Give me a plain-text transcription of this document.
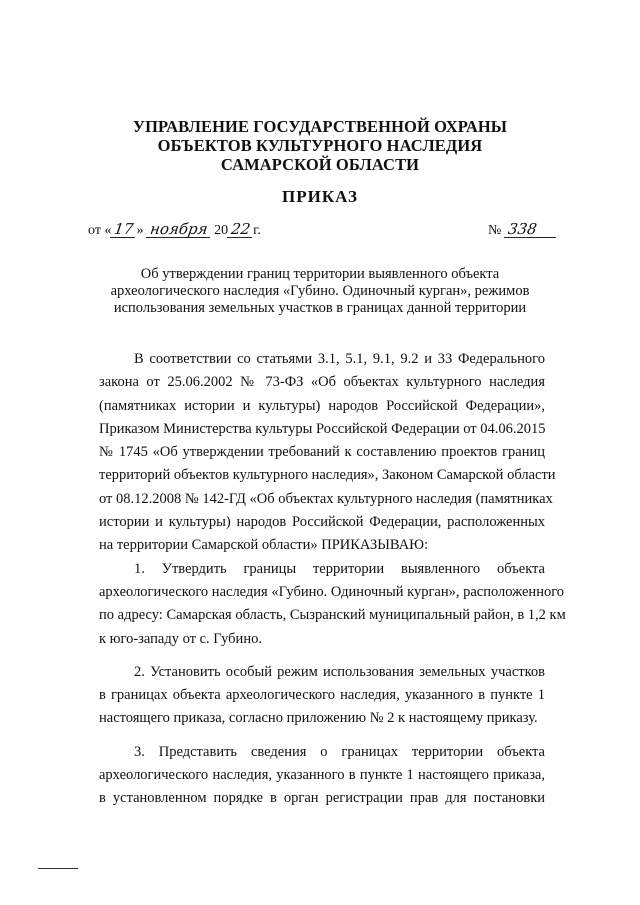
УПРАВЛЕНИЕ ГОСУДАРСТВЕННОЙ ОХРАНЫ
ОБЪЕКТОВ КУЛЬТУРНОГО НАСЛЕДИЯ
САМАРСКОЙ ОБЛАСТИ
ПРИКАЗ
от « 17 » ноября 20 22 г.	№ 338
Об утверждении границ территории выявленного объекта
археологического наследия «Губино. Одиночный курган», режимов
использования земельных участков в границах данной территории
В соответствии со статьями 3.1, 5.1, 9.1, 9.2 и 33 Федерального
закона от 25.06.2002 № 73-ФЗ «Об объектах культурного наследия
(памятниках истории и культуры) народов Российской Федерации»,
Приказом Министерства культуры Российской Федерации от 04.06.2015
№ 1745 «Об утверждении требований к составлению проектов границ
территорий объектов культурного наследия», Законом Самарской области
от 08.12.2008 № 142-ГД «Об объектах культурного наследия (памятниках
истории и культуры) народов Российской Федерации, расположенных
на территории Самарской области» ПРИКАЗЫВАЮ:
1. Утвердить границы территории выявленного объекта
археологического наследия «Губино. Одиночный курган», расположенного
по адресу: Самарская область, Сызранский муниципальный район, в 1,2 км
к юго-западу от с. Губино.
2. Установить особый режим использования земельных участков
в границах объекта археологического наследия, указанного в пункте 1
настоящего приказа, согласно приложению № 2 к настоящему приказу.
3. Представить сведения о границах территории объекта
археологического наследия, указанного в пункте 1 настоящего приказа,
в установленном порядке в орган регистрации прав для постановки
